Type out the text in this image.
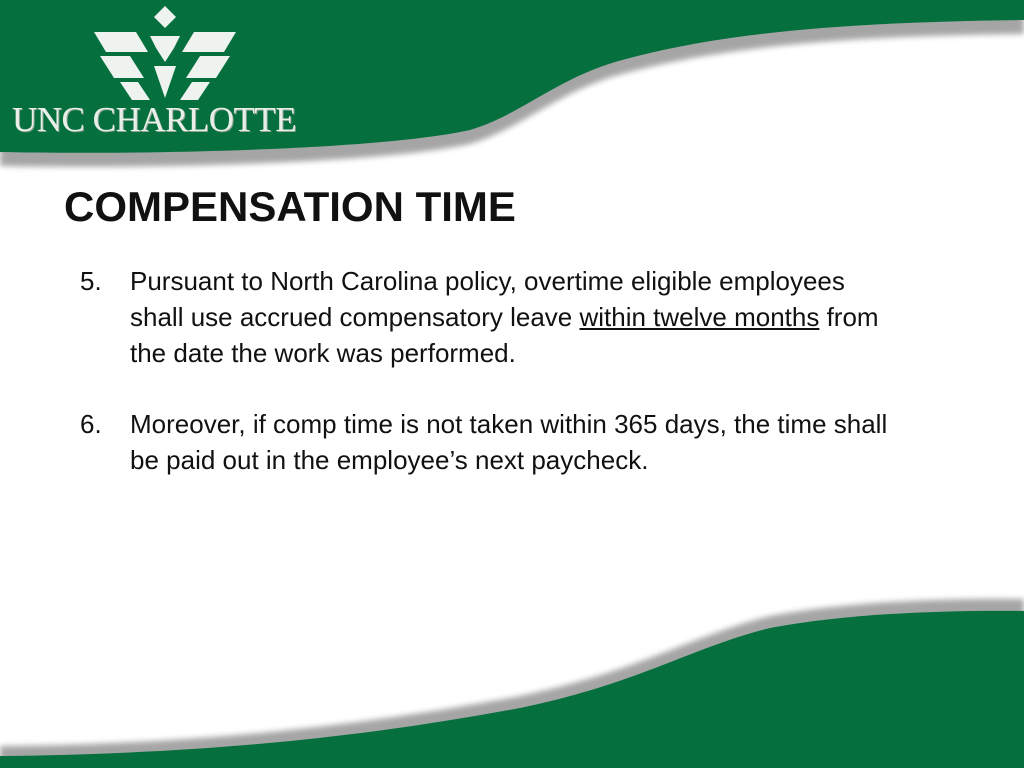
UNC CHARLOTTE
COMPENSATION TIME
5. Pursuant to North Carolina policy, overtime eligible employees shall use accrued compensatory leave within twelve months from the date the work was performed.
6. Moreover, if comp time is not taken within 365 days, the time shall be paid out in the employee’s next paycheck.
